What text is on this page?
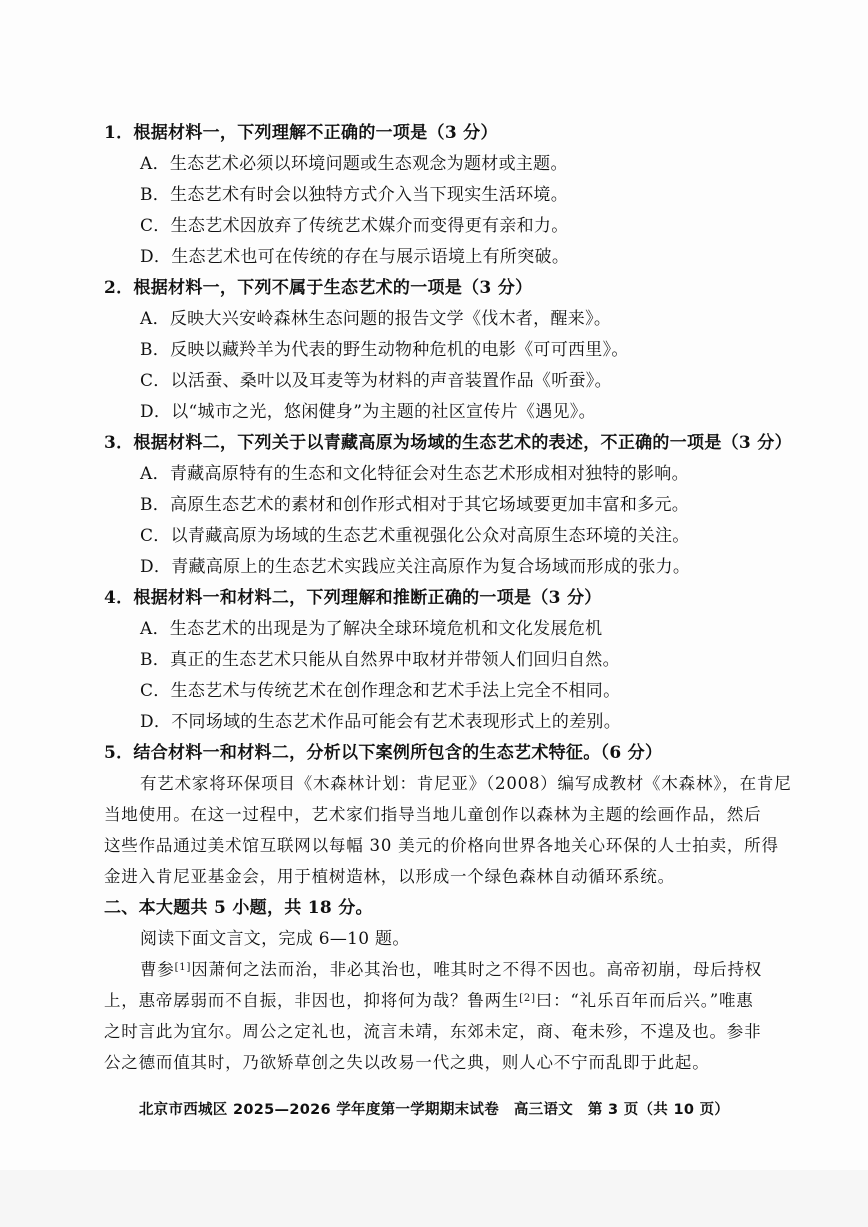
1．根据材料一，下列理解不正确的一项是（3 分）
A．生态艺术必须以环境问题或生态观念为题材或主题。
B．生态艺术有时会以独特方式介入当下现实生活环境。
C．生态艺术因放弃了传统艺术媒介而变得更有亲和力。
D．生态艺术也可在传统的存在与展示语境上有所突破。
2．根据材料一，下列不属于生态艺术的一项是（3 分）
A．反映大兴安岭森林生态问题的报告文学《伐木者，醒来》。
B．反映以藏羚羊为代表的野生动物种危机的电影《可可西里》。
C．以活蚕、桑叶以及耳麦等为材料的声音装置作品《听蚕》。
D．以“城市之光，悠闲健身”为主题的社区宣传片《遇见》。
3．根据材料二，下列关于以青藏高原为场域的生态艺术的表述，不正确的一项是（3 分）
A．青藏高原特有的生态和文化特征会对生态艺术形成相对独特的影响。
B．高原生态艺术的素材和创作形式相对于其它场域要更加丰富和多元。
C．以青藏高原为场域的生态艺术重视强化公众对高原生态环境的关注。
D．青藏高原上的生态艺术实践应关注高原作为复合场域而形成的张力。
4．根据材料一和材料二，下列理解和推断正确的一项是（3 分）
A．生态艺术的出现是为了解决全球环境危机和文化发展危机
B．真正的生态艺术只能从自然界中取材并带领人们回归自然。
C．生态艺术与传统艺术在创作理念和艺术手法上完全不相同。
D．不同场域的生态艺术作品可能会有艺术表现形式上的差别。
5．结合材料一和材料二，分析以下案例所包含的生态艺术特征。（6 分）
有艺术家将环保项目《木森林计划：肯尼亚》（2008）编写成教材《木森林》，在肯尼
当地使用。在这一过程中，艺术家们指导当地儿童创作以森林为主题的绘画作品，然后
这些作品通过美术馆互联网以每幅 30 美元的价格向世界各地关心环保的人士拍卖，所得
金进入肯尼亚基金会，用于植树造林，以形成一个绿色森林自动循环系统。
二、本大题共 5 小题，共 18 分。
阅读下面文言文，完成 6—10 题。
曹参[1]因萧何之法而治，非必其治也，唯其时之不得不因也。高帝初崩，母后持权
上，惠帝孱弱而不自振，非因也，抑将何为哉？鲁两生[2]曰：“礼乐百年而后兴。”唯惠
之时言此为宜尔。周公之定礼也，流言未靖，东郊未定，商、奄未殄，不遑及也。参非
公之德而值其时，乃欲矫草创之失以改易一代之典，则人心不宁而乱即于此起。
北京市西城区 2025—2026 学年度第一学期期末试卷　高三语文　第 3 页（共 10 页）
